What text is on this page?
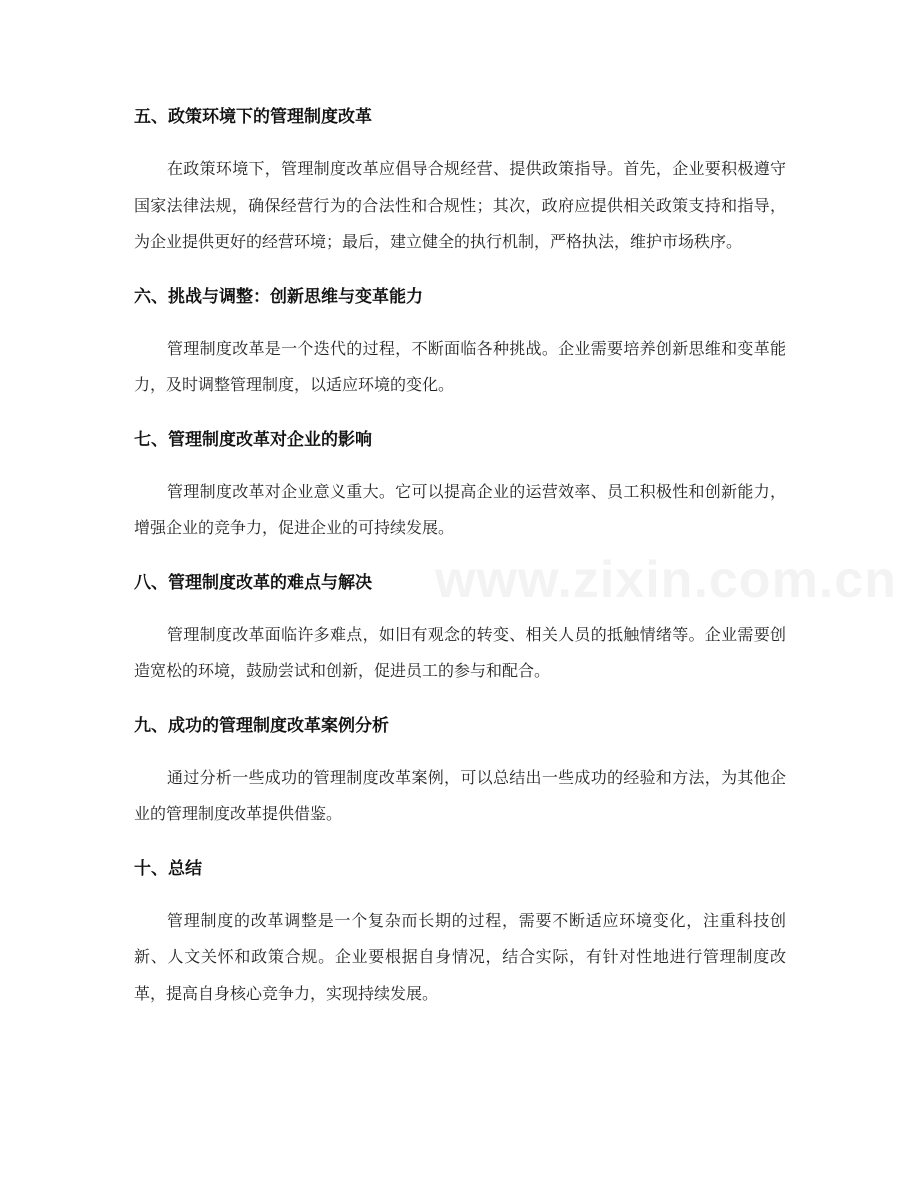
五、政策环境下的管理制度改革

在政策环境下，管理制度改革应倡导合规经营、提供政策指导。首先，企业要积极遵守国家法律法规，确保经营行为的合法性和合规性；其次，政府应提供相关政策支持和指导，为企业提供更好的经营环境；最后，建立健全的执行机制，严格执法，维护市场秩序。

六、挑战与调整：创新思维与变革能力

管理制度改革是一个迭代的过程，不断面临各种挑战。企业需要培养创新思维和变革能力，及时调整管理制度，以适应环境的变化。

七、管理制度改革对企业的影响

管理制度改革对企业意义重大。它可以提高企业的运营效率、员工积极性和创新能力，增强企业的竞争力，促进企业的可持续发展。

八、管理制度改革的难点与解决

管理制度改革面临许多难点，如旧有观念的转变、相关人员的抵触情绪等。企业需要创造宽松的环境，鼓励尝试和创新，促进员工的参与和配合。

九、成功的管理制度改革案例分析

通过分析一些成功的管理制度改革案例，可以总结出一些成功的经验和方法，为其他企业的管理制度改革提供借鉴。

十、总结

管理制度的改革调整是一个复杂而长期的过程，需要不断适应环境变化，注重科技创新、人文关怀和政策合规。企业要根据自身情况，结合实际，有针对性地进行管理制度改革，提高自身核心竞争力，实现持续发展。

www.zixin.com.cn
